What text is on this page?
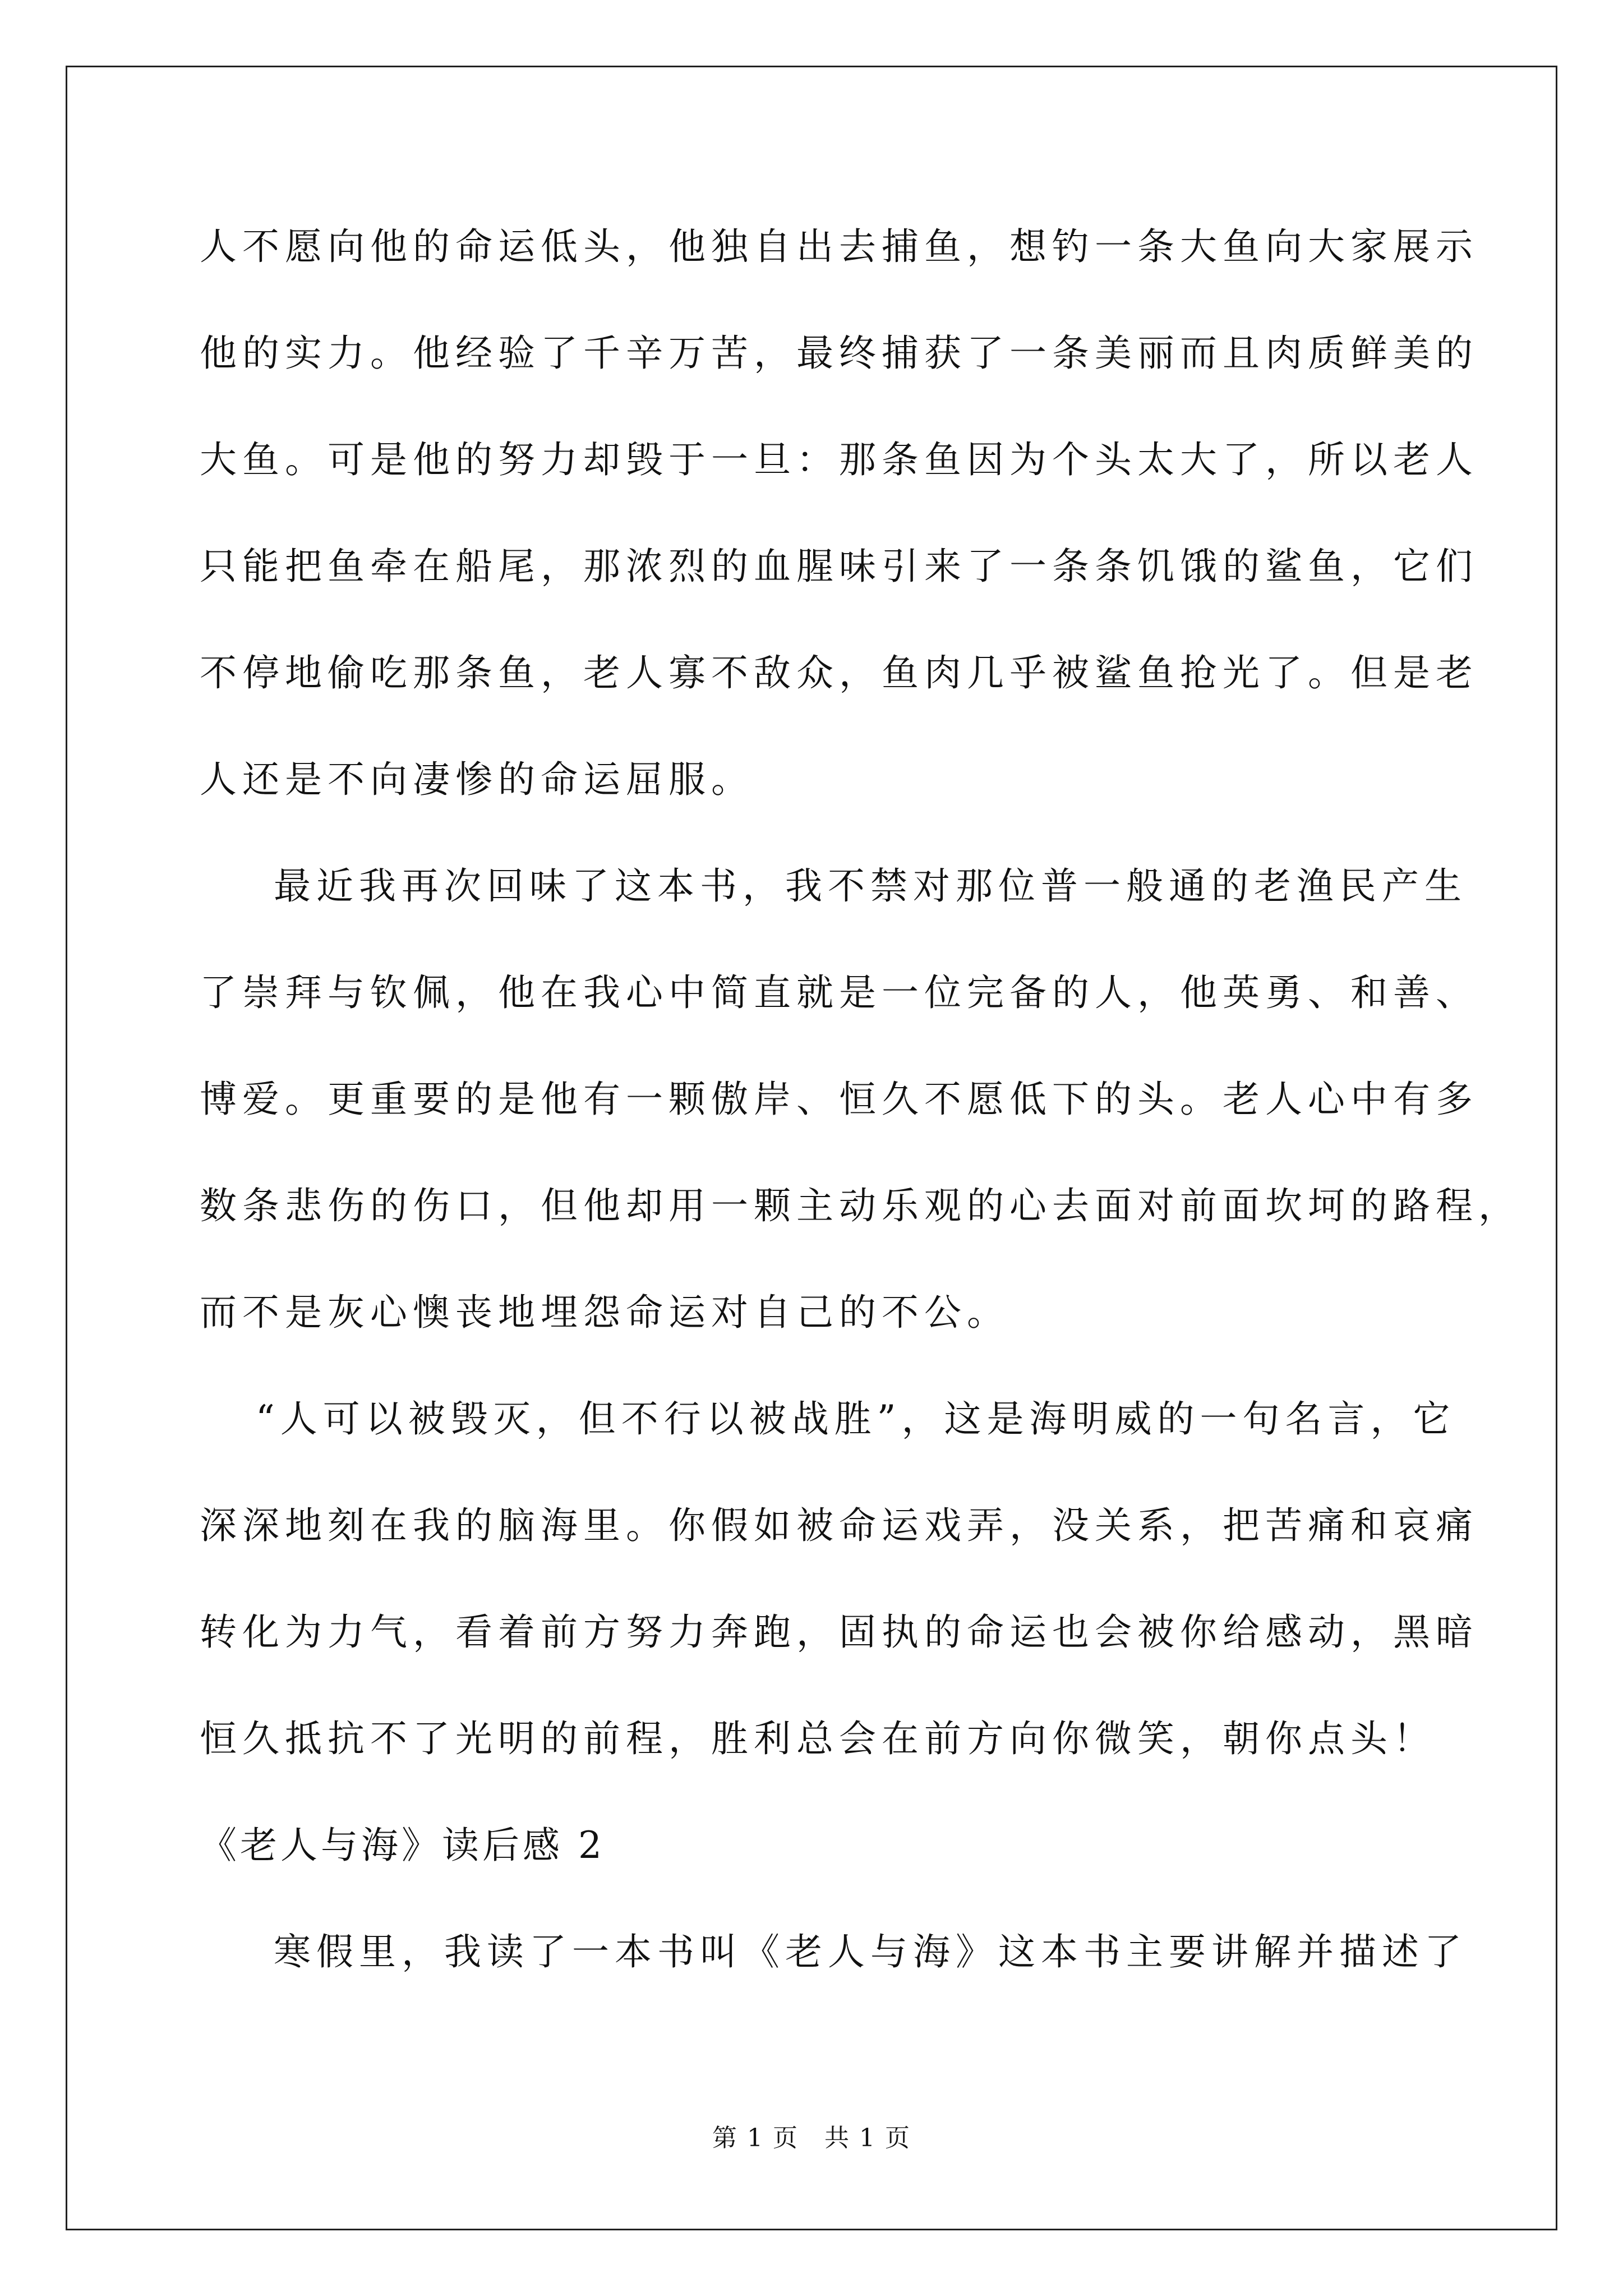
人不愿向他的命运低头，他独自出去捕鱼，想钓一条大鱼向大家展示
他的实力。他经验了千辛万苦，最终捕获了一条美丽而且肉质鲜美的
大鱼。可是他的努力却毁于一旦：那条鱼因为个头太大了，所以老人
只能把鱼牵在船尾，那浓烈的血腥味引来了一条条饥饿的鲨鱼，它们
不停地偷吃那条鱼，老人寡不敌众，鱼肉几乎被鲨鱼抢光了。但是老
人还是不向凄惨的命运屈服。
最近我再次回味了这本书，我不禁对那位普一般通的老渔民产生
了崇拜与钦佩，他在我心中简直就是一位完备的人，他英勇、和善、
博爱。更重要的是他有一颗傲岸、恒久不愿低下的头。老人心中有多
数条悲伤的伤口，但他却用一颗主动乐观的心去面对前面坎坷的路程，
而不是灰心懊丧地埋怨命运对自己的不公。
“人可以被毁灭，但不行以被战胜”，这是海明威的一句名言，它
深深地刻在我的脑海里。你假如被命运戏弄，没关系，把苦痛和哀痛
转化为力气，看着前方努力奔跑，固执的命运也会被你给感动，黑暗
恒久抵抗不了光明的前程，胜利总会在前方向你微笑，朝你点头！
《老人与海》读后感 2
寒假里，我读了一本书叫《老人与海》这本书主要讲解并描述了
第 1 页　共 1 页
